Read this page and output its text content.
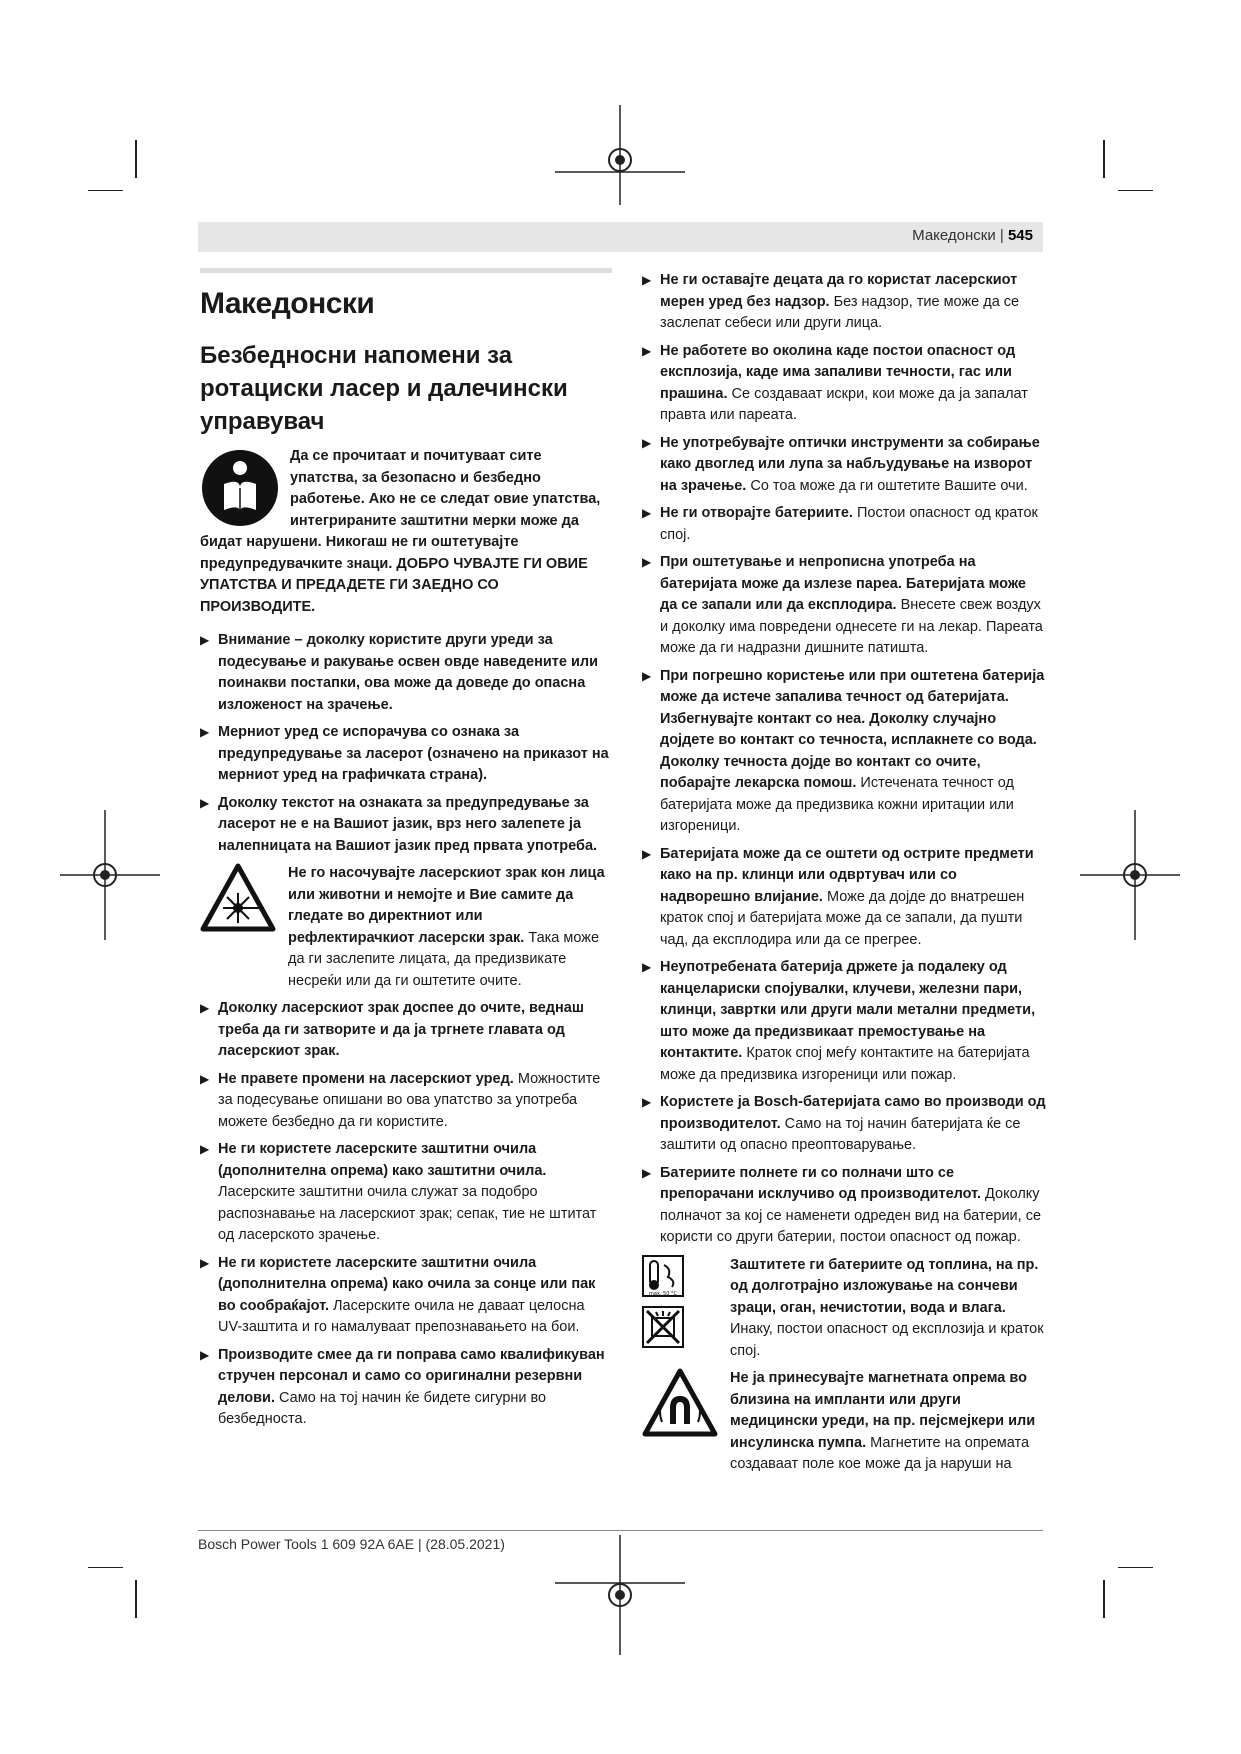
Македонски | 545
Македонски
Безбедносни напомени за ротациски ласер и далечински управувач
Да се прочитаат и почитуваат сите упатства, за безопасно и безбедно работење. Ако не се следат овие упатства, интегрираните заштитни мерки може да бидат нарушени. Никогаш не ги оштетувајте предупредувачките знаци. ДОБРО ЧУВАЈТЕ ГИ ОВИЕ УПАТСТВА И ПРЕДАДЕТЕ ГИ ЗАЕДНО СО ПРОИЗВОДИТЕ.
▶ Внимание – доколку користите други уреди за подесување и ракување освен овде наведените или поинакви постапки, ова може да доведе до опасна изложеност на зрачење.
▶ Мерниот уред се испорачува со ознака за предупредување за ласерот (означено на приказот на мерниот уред на графичката страна).
▶ Доколку текстот на ознаката за предупредување за ласерот не е на Вашиот јазик, врз него залепете ја налепницата на Вашиот јазик пред првата употреба.
Не го насочувајте ласерскиот зрак кон лица или животни и немојте и Вие самите да гледате во директниот или рефлектирачкиот ласерски зрак. Така може да ги заслепите лицата, да предизвикате несреќи или да ги оштетите очите.
▶ Доколку ласерскиот зрак доспее до очите, веднаш треба да ги затворите и да ја тргнете главата од ласерскиот зрак.
▶ Не правете промени на ласерскиот уред. Можностите за подесување опишани во ова упатство за употреба можете безбедно да ги користите.
▶ Не ги користете ласерските заштитни очила (дополнителна опрема) како заштитни очила. Ласерските заштитни очила служат за подобро распознавање на ласерскиот зрак; сепак, тие не штитат од ласерското зрачење.
▶ Не ги користете ласерските заштитни очила (дополнителна опрема) како очила за сонце или пак во сообраќајот. Ласерските очила не даваат целосна UV-заштита и го намалуваат препознавањето на бои.
▶ Производите смее да ги поправа само квалификуван стручен персонал и само со оригинални резервни делови. Само на тој начин ќе бидете сигурни во безбедноста.
▶ Не ги оставајте децата да го користат ласерскиот мерен уред без надзор. Без надзор, тие може да се заслепат себеси или други лица.
▶ Не работете во околина каде постои опасност од експлозија, каде има запаливи течности, гас или прашина. Се создаваат искри, кои може да ја запалат правта или пареата.
▶ Не употребувајте оптички инструменти за собирање како двоглед или лупа за набљудување на изворот на зрачење. Со тоа може да ги оштетите Вашите очи.
▶ Не ги отворајте батериите. Постои опасност од краток спој.
▶ При оштетување и непрописна употреба на батеријата може да излезе пареа. Батеријата може да се запали или да експлодира. Внесете свеж воздух и доколку има повредени однесете ги на лекар. Пареата може да ги надразни дишните патишта.
▶ При погрешно користење или при оштетена батерија може да истече запалива течност од батеријата. Избегнувајте контакт со неа. Доколку случајно дојдете во контакт со течноста, исплакнете со вода. Доколку течноста дојде во контакт со очите, побарајте лекарска помош. Истечената течност од батеријата може да предизвика кожни иритации или изгореници.
▶ Батеријата може да се оштети од острите предмети како на пр. клинци или одвртувач или со надворешно влијание. Може да дојде до внатрешен краток спој и батеријата може да се запали, да пушти чад, да експлодира или да се прегрее.
▶ Неупотребената батерија држете ја подалеку од канцелариски спојувалки, клучеви, железни пари, клинци, завртки или други мали метални предмети, што може да предизвикаат премостување на контактите. Краток спој меѓу контактите на батеријата може да предизвика изгореници или пожар.
▶ Користете ја Bosch-батеријата само во производи од производителот. Само на тој начин батеријата ќе се заштити од опасно преоптоварување.
▶ Батериите полнете ги со полначи што се препорачани исклучиво од производителот. Доколку полначот за кој се наменети одреден вид на батерии, се користи со други батерии, постои опасност од пожар.
max. 50 °C
Заштитете ги батериите од топлина, на пр. од долготрајно изложување на сончеви зраци, оган, нечистотии, вода и влага. Инаку, постои опасност од експлозија и краток спој.
Не ја принесувајте магнетната опрема во близина на импланти или други медицински уреди, на пр. пејсмејкери или инсулинска пумпа. Магнетите на опремата создаваат поле кое може да ја наруши на
Bosch Power Tools 1 609 92A 6AE | (28.05.2021)
